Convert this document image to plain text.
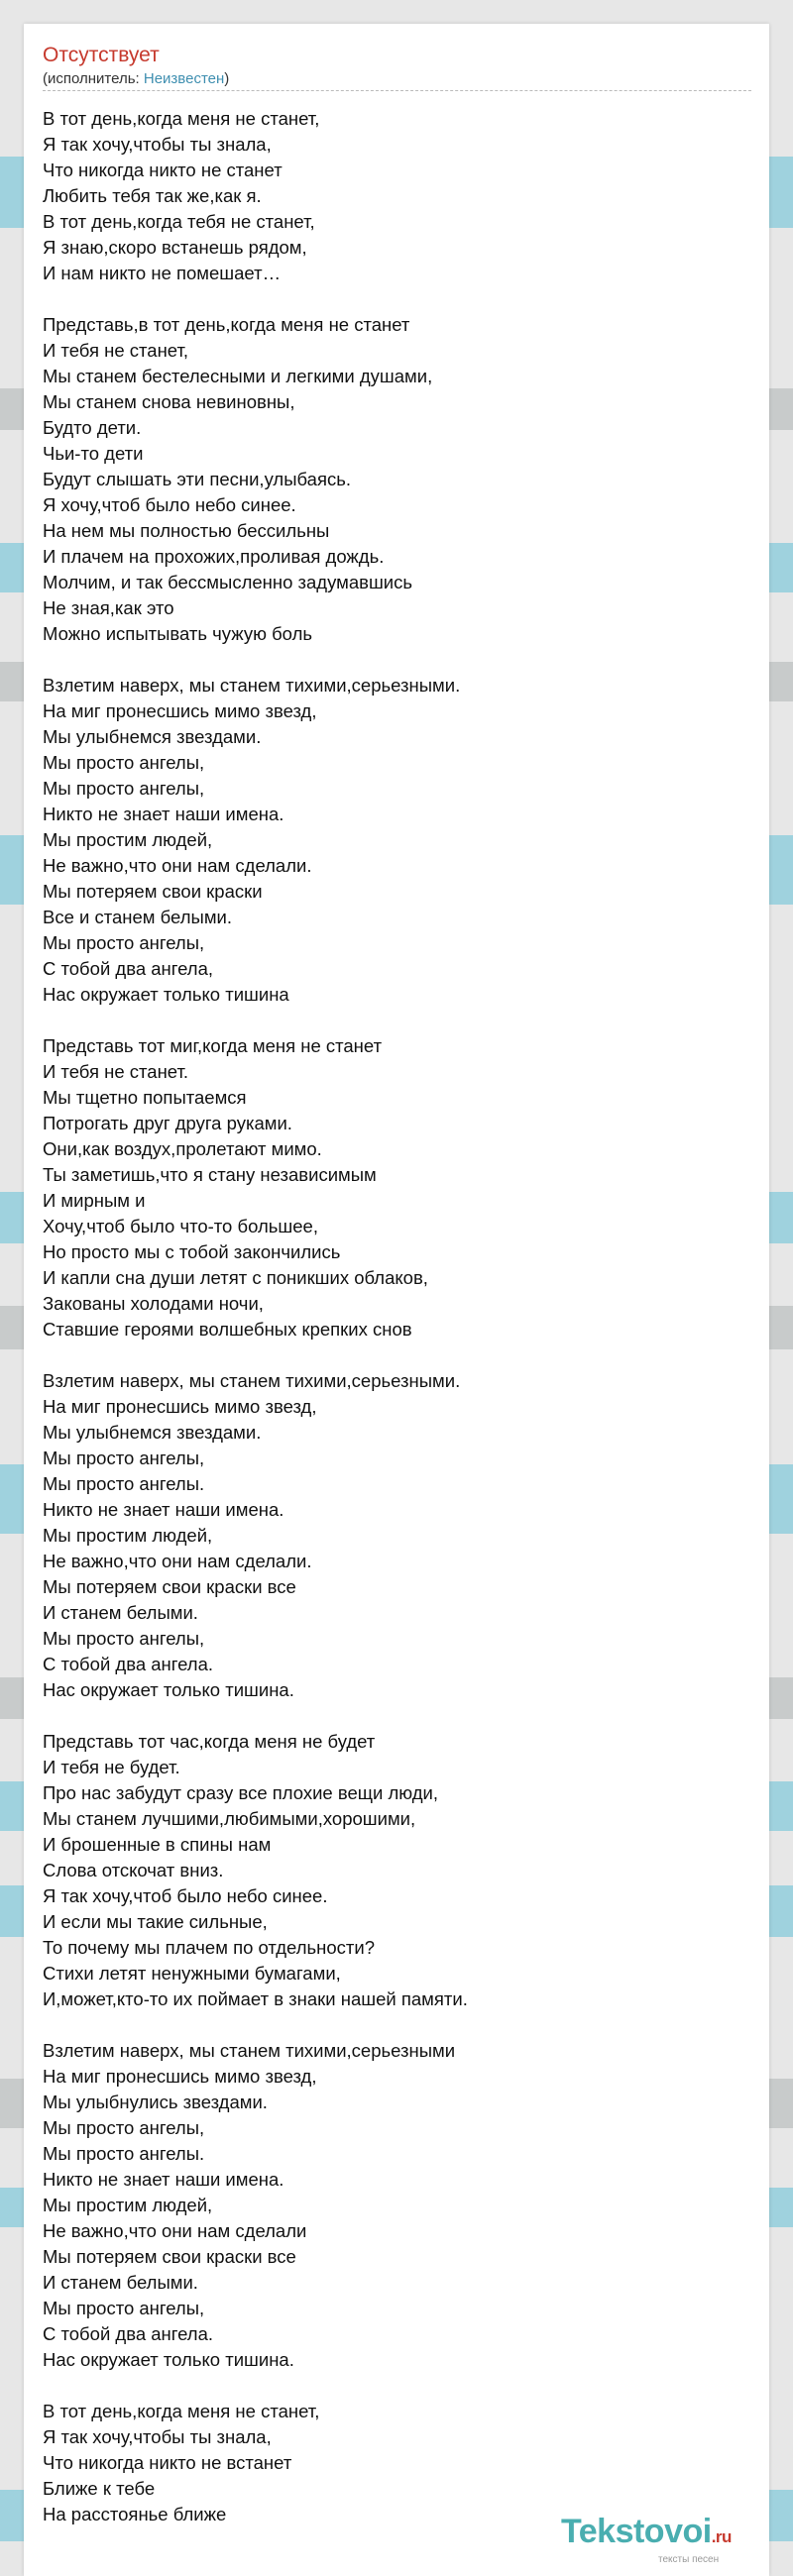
Отсутствует
(исполнитель: Неизвестен)
В тот день,когда меня не станет,
Я так хочу,чтобы ты знала,
Что никогда никто не станет
Любить тебя так же,как я.
В тот день,когда тебя не станет,
Я знаю,скоро встанешь рядом,
И нам никто не помешает…
Представь,в тот день,когда меня не станет
И тебя не станет,
Мы станем бестелесными и легкими душами,
Мы станем снова невиновны,
Будто дети.
Чьи-то дети
Будут слышать эти песни,улыбаясь.
Я хочу,чтоб было небо синее.
На нем мы полностью бессильны
И плачем на прохожих,проливая дождь.
Молчим, и так бессмысленно задумавшись
Не зная,как это
Можно испытывать чужую боль
Взлетим наверх, мы станем тихими,серьезными.
На миг пронесшись мимо звезд,
Мы улыбнемся звездами.
Мы просто ангелы,
Мы просто ангелы,
Никто не знает наши имена.
Мы простим людей,
Не важно,что они нам сделали.
Мы потеряем свои краски
Все и станем белыми.
Мы просто ангелы,
С тобой два ангела,
Нас окружает только тишина
Представь тот миг,когда меня не станет
И тебя не станет.
Мы тщетно попытаемся
Потрогать друг друга руками.
Они,как воздух,пролетают мимо.
Ты заметишь,что я стану независимым
И мирным и
Хочу,чтоб было что-то большее,
Но просто мы с тобой закончились
И капли сна души летят с поникших облаков,
Закованы холодами ночи,
Ставшие героями волшебных крепких снов
Взлетим наверх, мы станем тихими,серьезными.
На миг пронесшись мимо звезд,
Мы улыбнемся звездами.
Мы просто ангелы,
Мы просто ангелы.
Никто не знает наши имена.
Мы простим людей,
Не важно,что они нам сделали.
Мы потеряем свои краски все
И станем белыми.
Мы просто ангелы,
С тобой два ангела.
Нас окружает только тишина.
Представь тот час,когда меня не будет
И тебя не будет.
Про нас забудут сразу все плохие вещи люди,
Мы станем лучшими,любимыми,хорошими,
И брошенные в спины нам
Слова отскочат вниз.
Я так хочу,чтоб было небо синее.
И если мы такие сильные,
То почему мы плачем по отдельности?
Стихи летят ненужными бумагами,
И,может,кто-то их поймает в знаки нашей памяти.
Взлетим наверх, мы станем тихими,серьезными
На миг пронесшись мимо звезд,
Мы улыбнулись звездами.
Мы просто ангелы,
Мы просто ангелы.
Никто не знает наши имена.
Мы простим людей,
Не важно,что они нам сделали
Мы потеряем свои краски все
И станем белыми.
Мы просто ангелы,
С тобой два ангела.
Нас окружает только тишина.
В тот день,когда меня не станет,
Я так хочу,чтобы ты знала,
Что никогда никто не встанет
Ближе к тебе
На расстоянье ближе	Tekstovoi.ru
тексты песен
